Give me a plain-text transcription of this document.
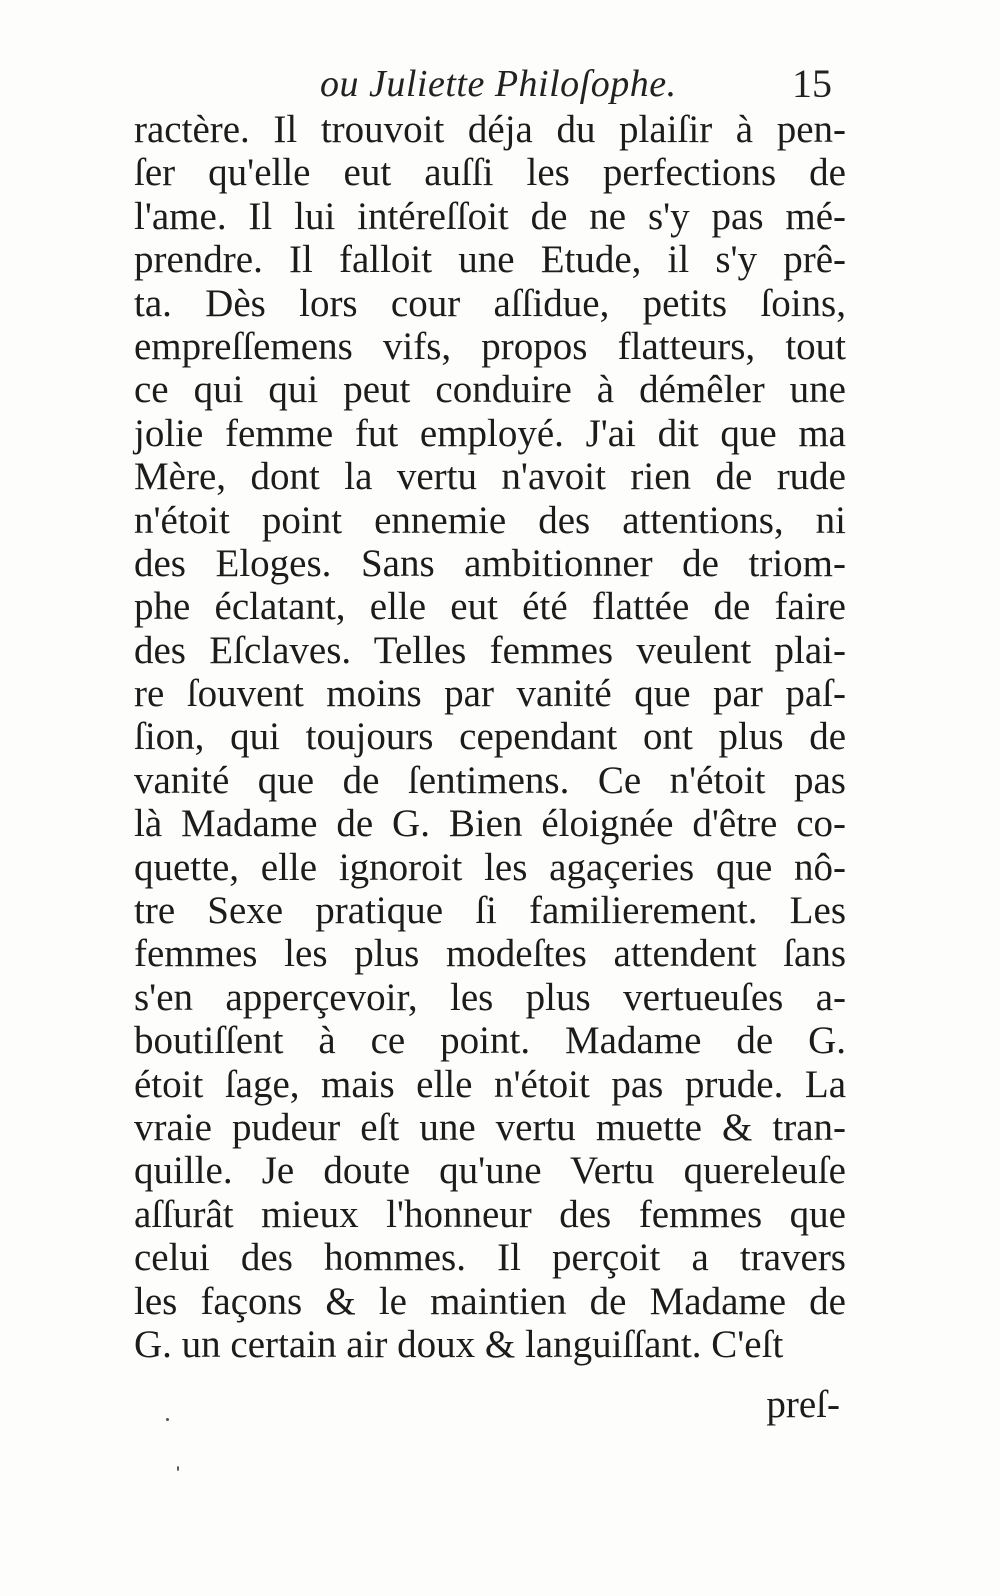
ou Juliette Philoſophe.	15
ractère. Il trouvoit déja du plaiſir à pen-
ſer qu'elle eut auſſi les perfections de
l'ame. Il lui intéreſſoit de ne s'y pas mé-
prendre. Il falloit une Etude, il s'y prê-
ta. Dès lors cour aſſidue, petits ſoins,
empreſſemens vifs, propos flatteurs, tout
ce qui qui peut conduire à démêler une
jolie femme fut employé. J'ai dit que ma
Mère, dont la vertu n'avoit rien de rude
n'étoit point ennemie des attentions, ni
des Eloges. Sans ambitionner de triom-
phe éclatant, elle eut été flattée de faire
des Eſclaves. Telles femmes veulent plai-
re ſouvent moins par vanité que par paſ-
ſion, qui toujours cependant ont plus de
vanité que de ſentimens. Ce n'étoit pas
là Madame de G. Bien éloignée d'être co-
quette, elle ignoroit les agaçeries que nô-
tre Sexe pratique ſi familierement. Les
femmes les plus modeſtes attendent ſans
s'en apperçevoir, les plus vertueuſes a-
boutiſſent à ce point. Madame de G.
étoit ſage, mais elle n'étoit pas prude. La
vraie pudeur eſt une vertu muette & tran-
quille. Je doute qu'une Vertu quereleuſe
aſſurât mieux l'honneur des femmes que
celui des hommes. Il perçoit a travers
les façons & le maintien de Madame de
G. un certain air doux & languiſſant. C'eſt
preſ-
